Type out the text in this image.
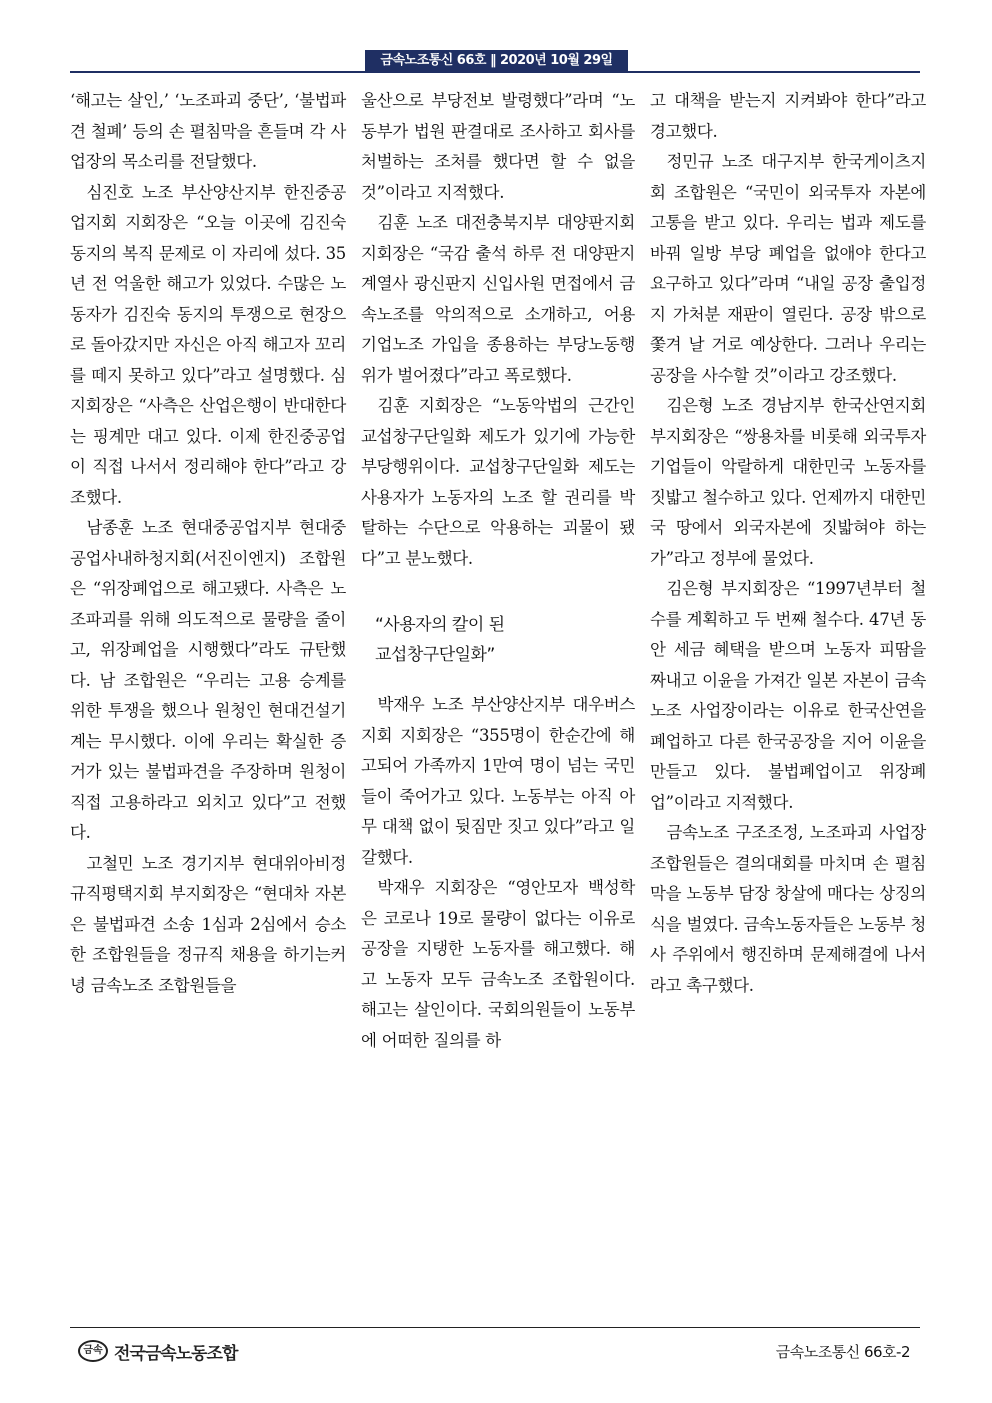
금속노조통신 66호 ‖ 2020년 10월 29일

‘해고는 살인,’ ‘노조파괴 중단’, ‘불법파견 철폐’ 등의 손 펼침막을 흔들며 각 사업장의 목소리를 전달했다.

심진호 노조 부산양산지부 한진중공업지회 지회장은 “오늘 이곳에 김진숙 동지의 복직 문제로 이 자리에 섰다. 35년 전 억울한 해고가 있었다. 수많은 노동자가 김진숙 동지의 투쟁으로 현장으로 돌아갔지만 자신은 아직 해고자 꼬리를 떼지 못하고 있다”라고 설명했다. 심 지회장은 “사측은 산업은행이 반대한다는 핑계만 대고 있다. 이제 한진중공업이 직접 나서서 정리해야 한다”라고 강조했다.

남종훈 노조 현대중공업지부 현대중공업사내하청지회(서진이엔지) 조합원은 “위장폐업으로 해고됐다. 사측은 노조파괴를 위해 의도적으로 물량을 줄이고, 위장폐업을 시행했다”라도 규탄했다. 남 조합원은 “우리는 고용 승계를 위한 투쟁을 했으나 원청인 현대건설기계는 무시했다. 이에 우리는 확실한 증거가 있는 불법파견을 주장하며 원청이 직접 고용하라고 외치고 있다”고 전했다.

고철민 노조 경기지부 현대위아비정규직평택지회 부지회장은 “현대차 자본은 불법파견 소송 1심과 2심에서 승소한 조합원들을 정규직 채용을 하기는커녕 금속노조 조합원들을

울산으로 부당전보 발령했다”라며 “노동부가 법원 판결대로 조사하고 회사를 처벌하는 조처를 했다면 할 수 없을 것”이라고 지적했다.

김훈 노조 대전충북지부 대양판지회 지회장은 “국감 출석 하루 전 대양판지 계열사 광신판지 신입사원 면접에서 금속노조를 악의적으로 소개하고, 어용 기업노조 가입을 종용하는 부당노동행위가 벌어졌다”라고 폭로했다.

김훈 지회장은 “노동악법의 근간인 교섭창구단일화 제도가 있기에 가능한 부당행위이다. 교섭창구단일화 제도는 사용자가 노동자의 노조 할 권리를 박탈하는 수단으로 악용하는 괴물이 됐다”고 분노했다.

“사용자의 칼이 된
교섭창구단일화”

박재우 노조 부산양산지부 대우버스지회 지회장은 “355명이 한순간에 해고되어 가족까지 1만여 명이 넘는 국민들이 죽어가고 있다. 노동부는 아직 아무 대책 없이 뒷짐만 짓고 있다”라고 일갈했다.

박재우 지회장은 “영안모자 백성학은 코로나 19로 물량이 없다는 이유로 공장을 지탱한 노동자를 해고했다. 해고 노동자 모두 금속노조 조합원이다. 해고는 살인이다. 국회의원들이 노동부에 어떠한 질의를 하

고 대책을 받는지 지켜봐야 한다”라고 경고했다.

정민규 노조 대구지부 한국게이츠지회 조합원은 “국민이 외국투자 자본에 고통을 받고 있다. 우리는 법과 제도를 바꿔 일방 부당 폐업을 없애야 한다고 요구하고 있다”라며 “내일 공장 출입정지 가처분 재판이 열린다. 공장 밖으로 쫓겨 날 거로 예상한다. 그러나 우리는 공장을 사수할 것”이라고 강조했다.

김은형 노조 경남지부 한국산연지회 부지회장은 “쌍용차를 비롯해 외국투자 기업들이 악랄하게 대한민국 노동자를 짓밟고 철수하고 있다. 언제까지 대한민국 땅에서 외국자본에 짓밟혀야 하는가”라고 정부에 물었다.

김은형 부지회장은 “1997년부터 철수를 계획하고 두 번째 철수다. 47년 동안 세금 혜택을 받으며 노동자 피땀을 짜내고 이윤을 가져간 일본 자본이 금속노조 사업장이라는 이유로 한국산연을 폐업하고 다른 한국공장을 지어 이윤을 만들고 있다. 불법폐업이고 위장폐업”이라고 지적했다.

금속노조 구조조정, 노조파괴 사업장 조합원들은 결의대회를 마치며 손 펼침막을 노동부 담장 창살에 매다는 상징의식을 벌였다. 금속노동자들은 노동부 청사 주위에서 행진하며 문제해결에 나서라고 촉구했다.

금속 전국금속노동조합	금속노조통신 66호-2
